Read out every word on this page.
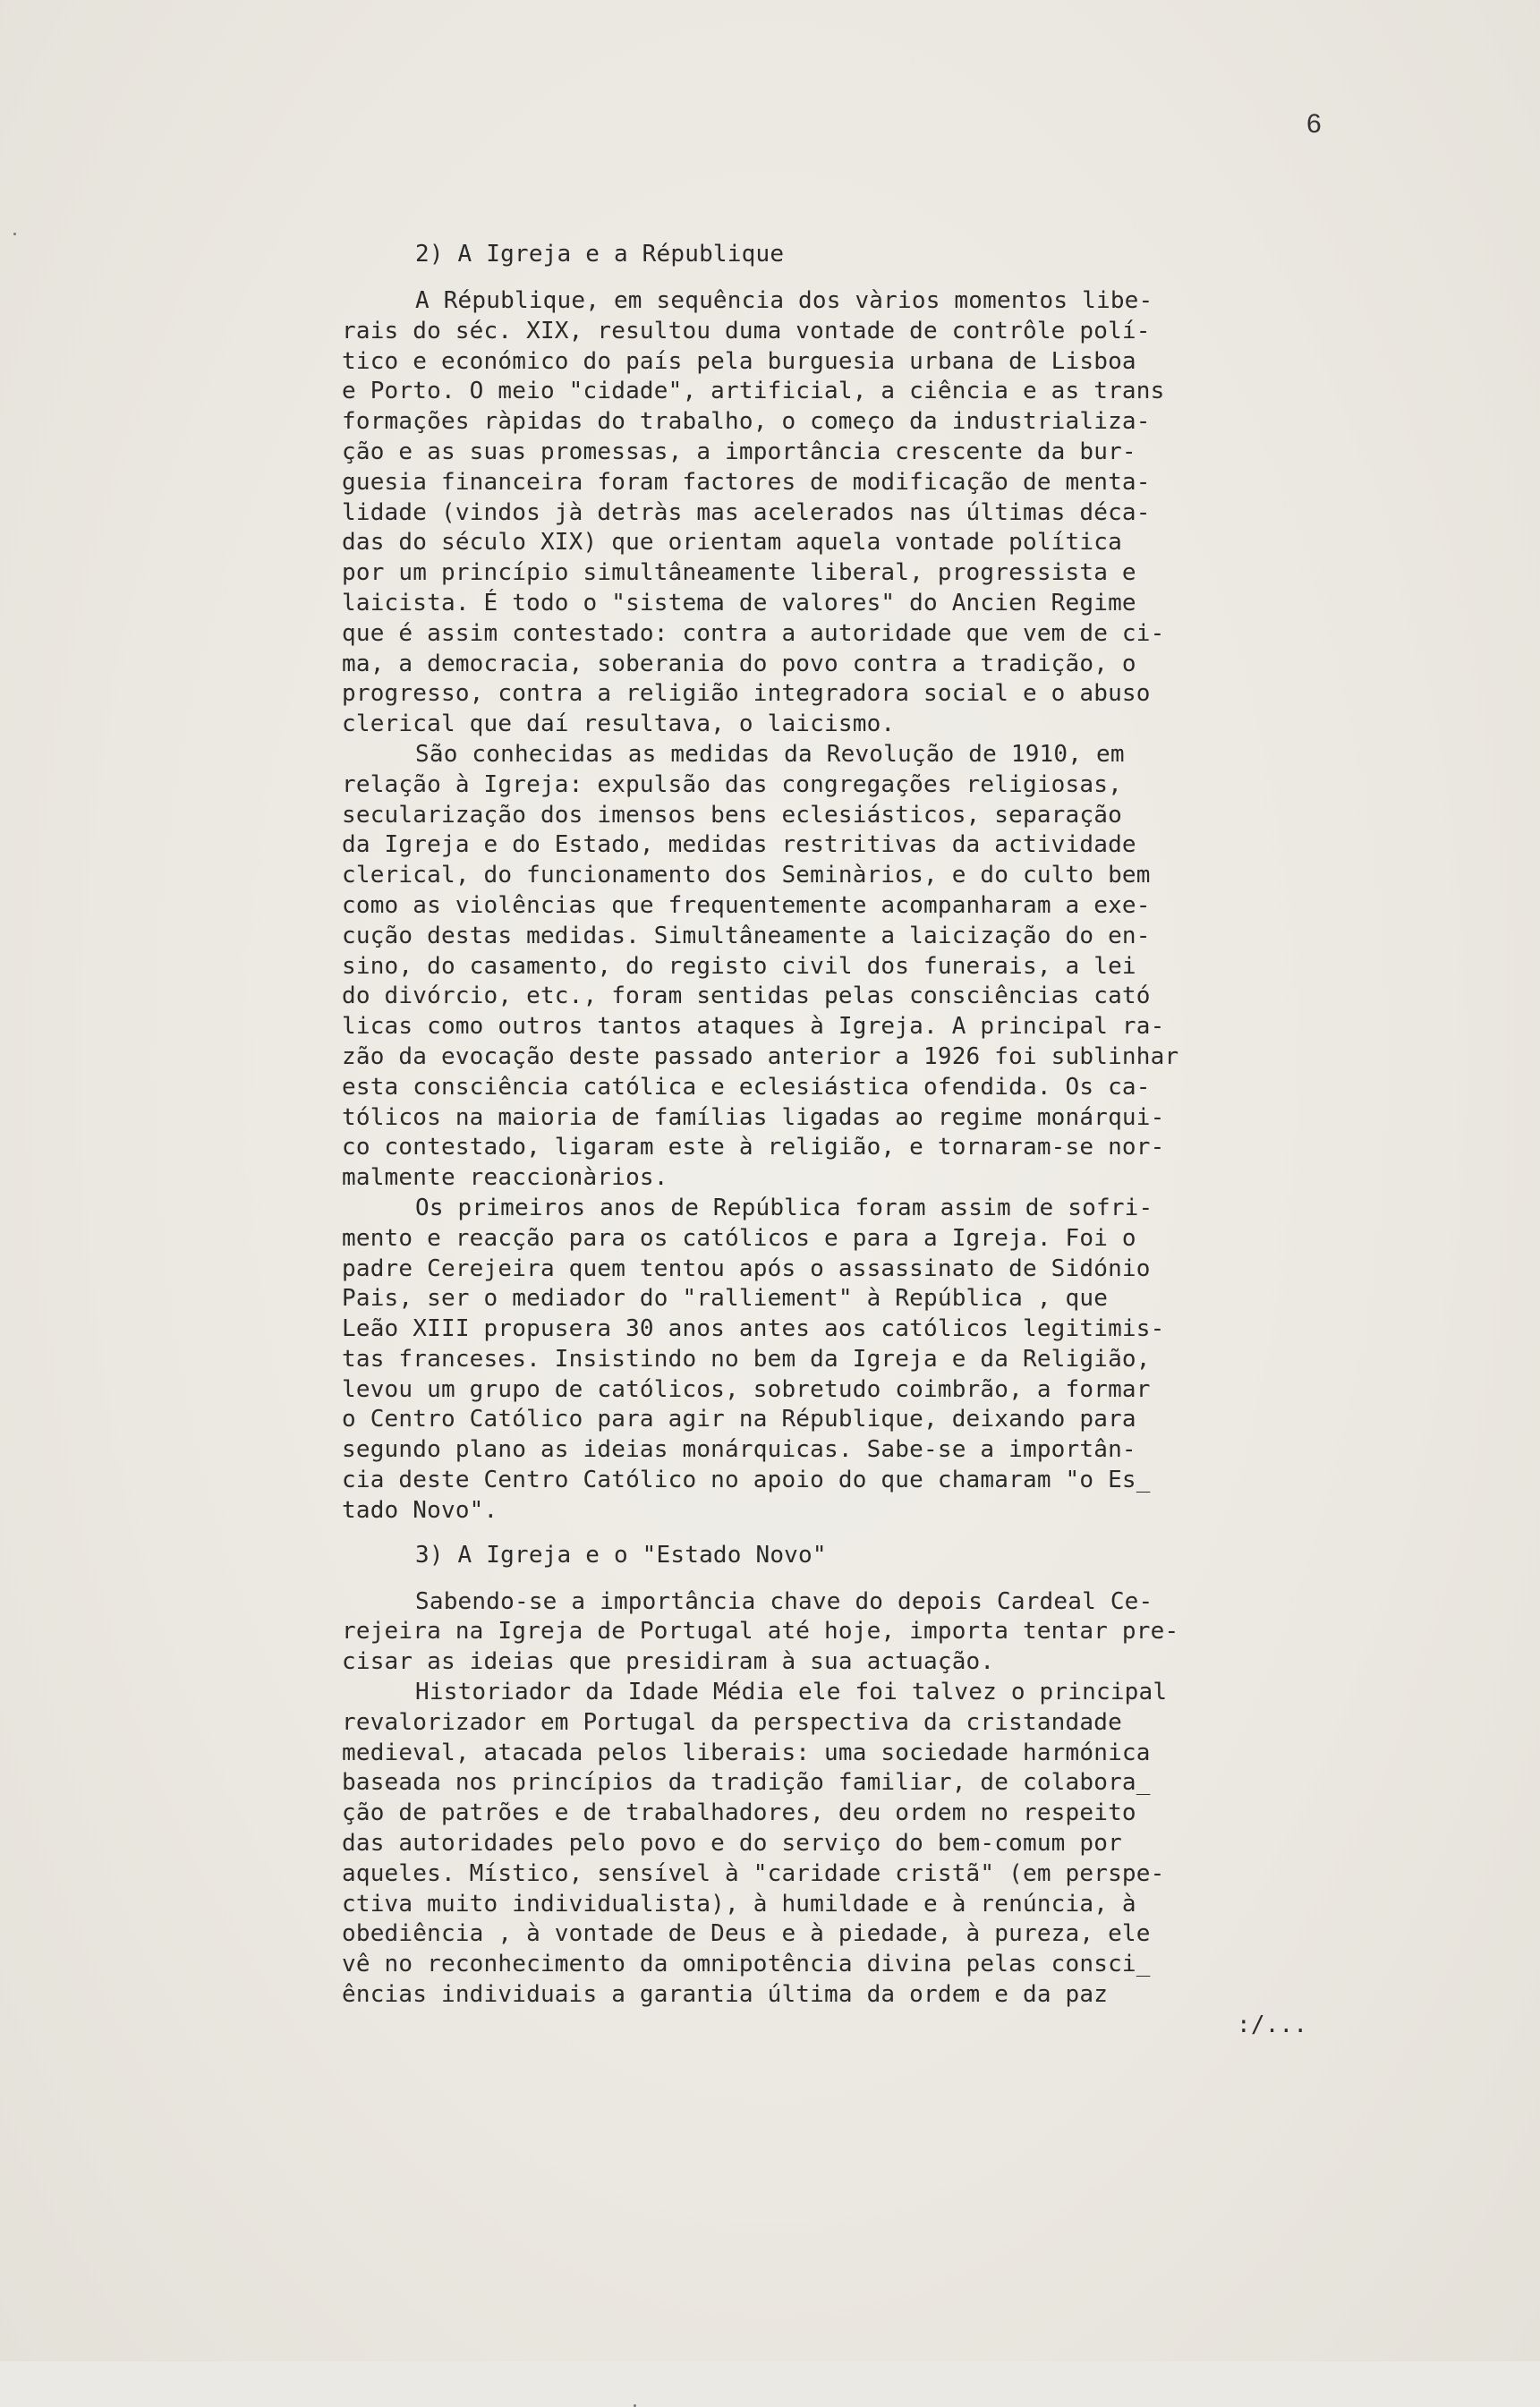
6
2) A Igreja e a République
A République, em sequência dos vàrios momentos libe-
rais do séc. XIX, resultou duma vontade de contrôle polí-
tico e económico do país pela burguesia urbana de Lisboa
e Porto. O meio "cidade", artificial, a ciência e as trans
formações ràpidas do trabalho, o começo da industrializa-
ção e as suas promessas, a importância crescente da bur-
guesia financeira foram factores de modificação de menta-
lidade (vindos jà detràs mas acelerados nas últimas déca-
das do século XIX) que orientam aquela vontade política
por um princípio simultâneamente liberal, progressista e
laicista. É todo o "sistema de valores" do Ancien Regime
que é assim contestado: contra a autoridade que vem de ci-
ma, a democracia, soberania do povo contra a tradição, o
progresso, contra a religião integradora social e o abuso
clerical que daí resultava, o laicismo.
São conhecidas as medidas da Revolução de 1910, em
relação à Igreja: expulsão das congregações religiosas,
secularização dos imensos bens eclesiásticos, separação
da Igreja e do Estado, medidas restritivas da actividade
clerical, do funcionamento dos Seminàrios, e do culto bem
como as violências que frequentemente acompanharam a exe-
cução destas medidas. Simultâneamente a laicização do en-
sino, do casamento, do registo civil dos funerais, a lei
do divórcio, etc., foram sentidas pelas consciências cató
licas como outros tantos ataques à Igreja. A principal ra-
zão da evocação deste passado anterior a 1926 foi sublinhar
esta consciência católica e eclesiástica ofendida. Os ca-
tólicos na maioria de famílias ligadas ao regime monárqui-
co contestado, ligaram este à religião, e tornaram-se nor-
malmente reaccionàrios.
Os primeiros anos de República foram assim de sofri-
mento e reacção para os católicos e para a Igreja. Foi o
padre Cerejeira quem tentou após o assassinato de Sidónio
Pais, ser o mediador do "ralliement" à República , que
Leão XIII propusera 30 anos antes aos católicos legitimis-
tas franceses. Insistindo no bem da Igreja e da Religião,
levou um grupo de católicos, sobretudo coimbrão, a formar
o Centro Católico para agir na République, deixando para
segundo plano as ideias monárquicas. Sabe-se a importân-
cia deste Centro Católico no apoio do que chamaram "o Es_
tado Novo".
3) A Igreja e o "Estado Novo"
Sabendo-se a importância chave do depois Cardeal Ce-
rejeira na Igreja de Portugal até hoje, importa tentar pre-
cisar as ideias que presidiram à sua actuação.
Historiador da Idade Média ele foi talvez o principal
revalorizador em Portugal da perspectiva da cristandade
medieval, atacada pelos liberais: uma sociedade harmónica
baseada nos princípios da tradição familiar, de colabora_
ção de patrões e de trabalhadores, deu ordem no respeito
das autoridades pelo povo e do serviço do bem-comum por
aqueles. Místico, sensível à "caridade cristã" (em perspe-
ctiva muito individualista), à humildade e à renúncia, à
obediência , à vontade de Deus e à piedade, à pureza, ele
vê no reconhecimento da omnipotência divina pelas consci_
ências individuais a garantia última da ordem e da paz
:/...
